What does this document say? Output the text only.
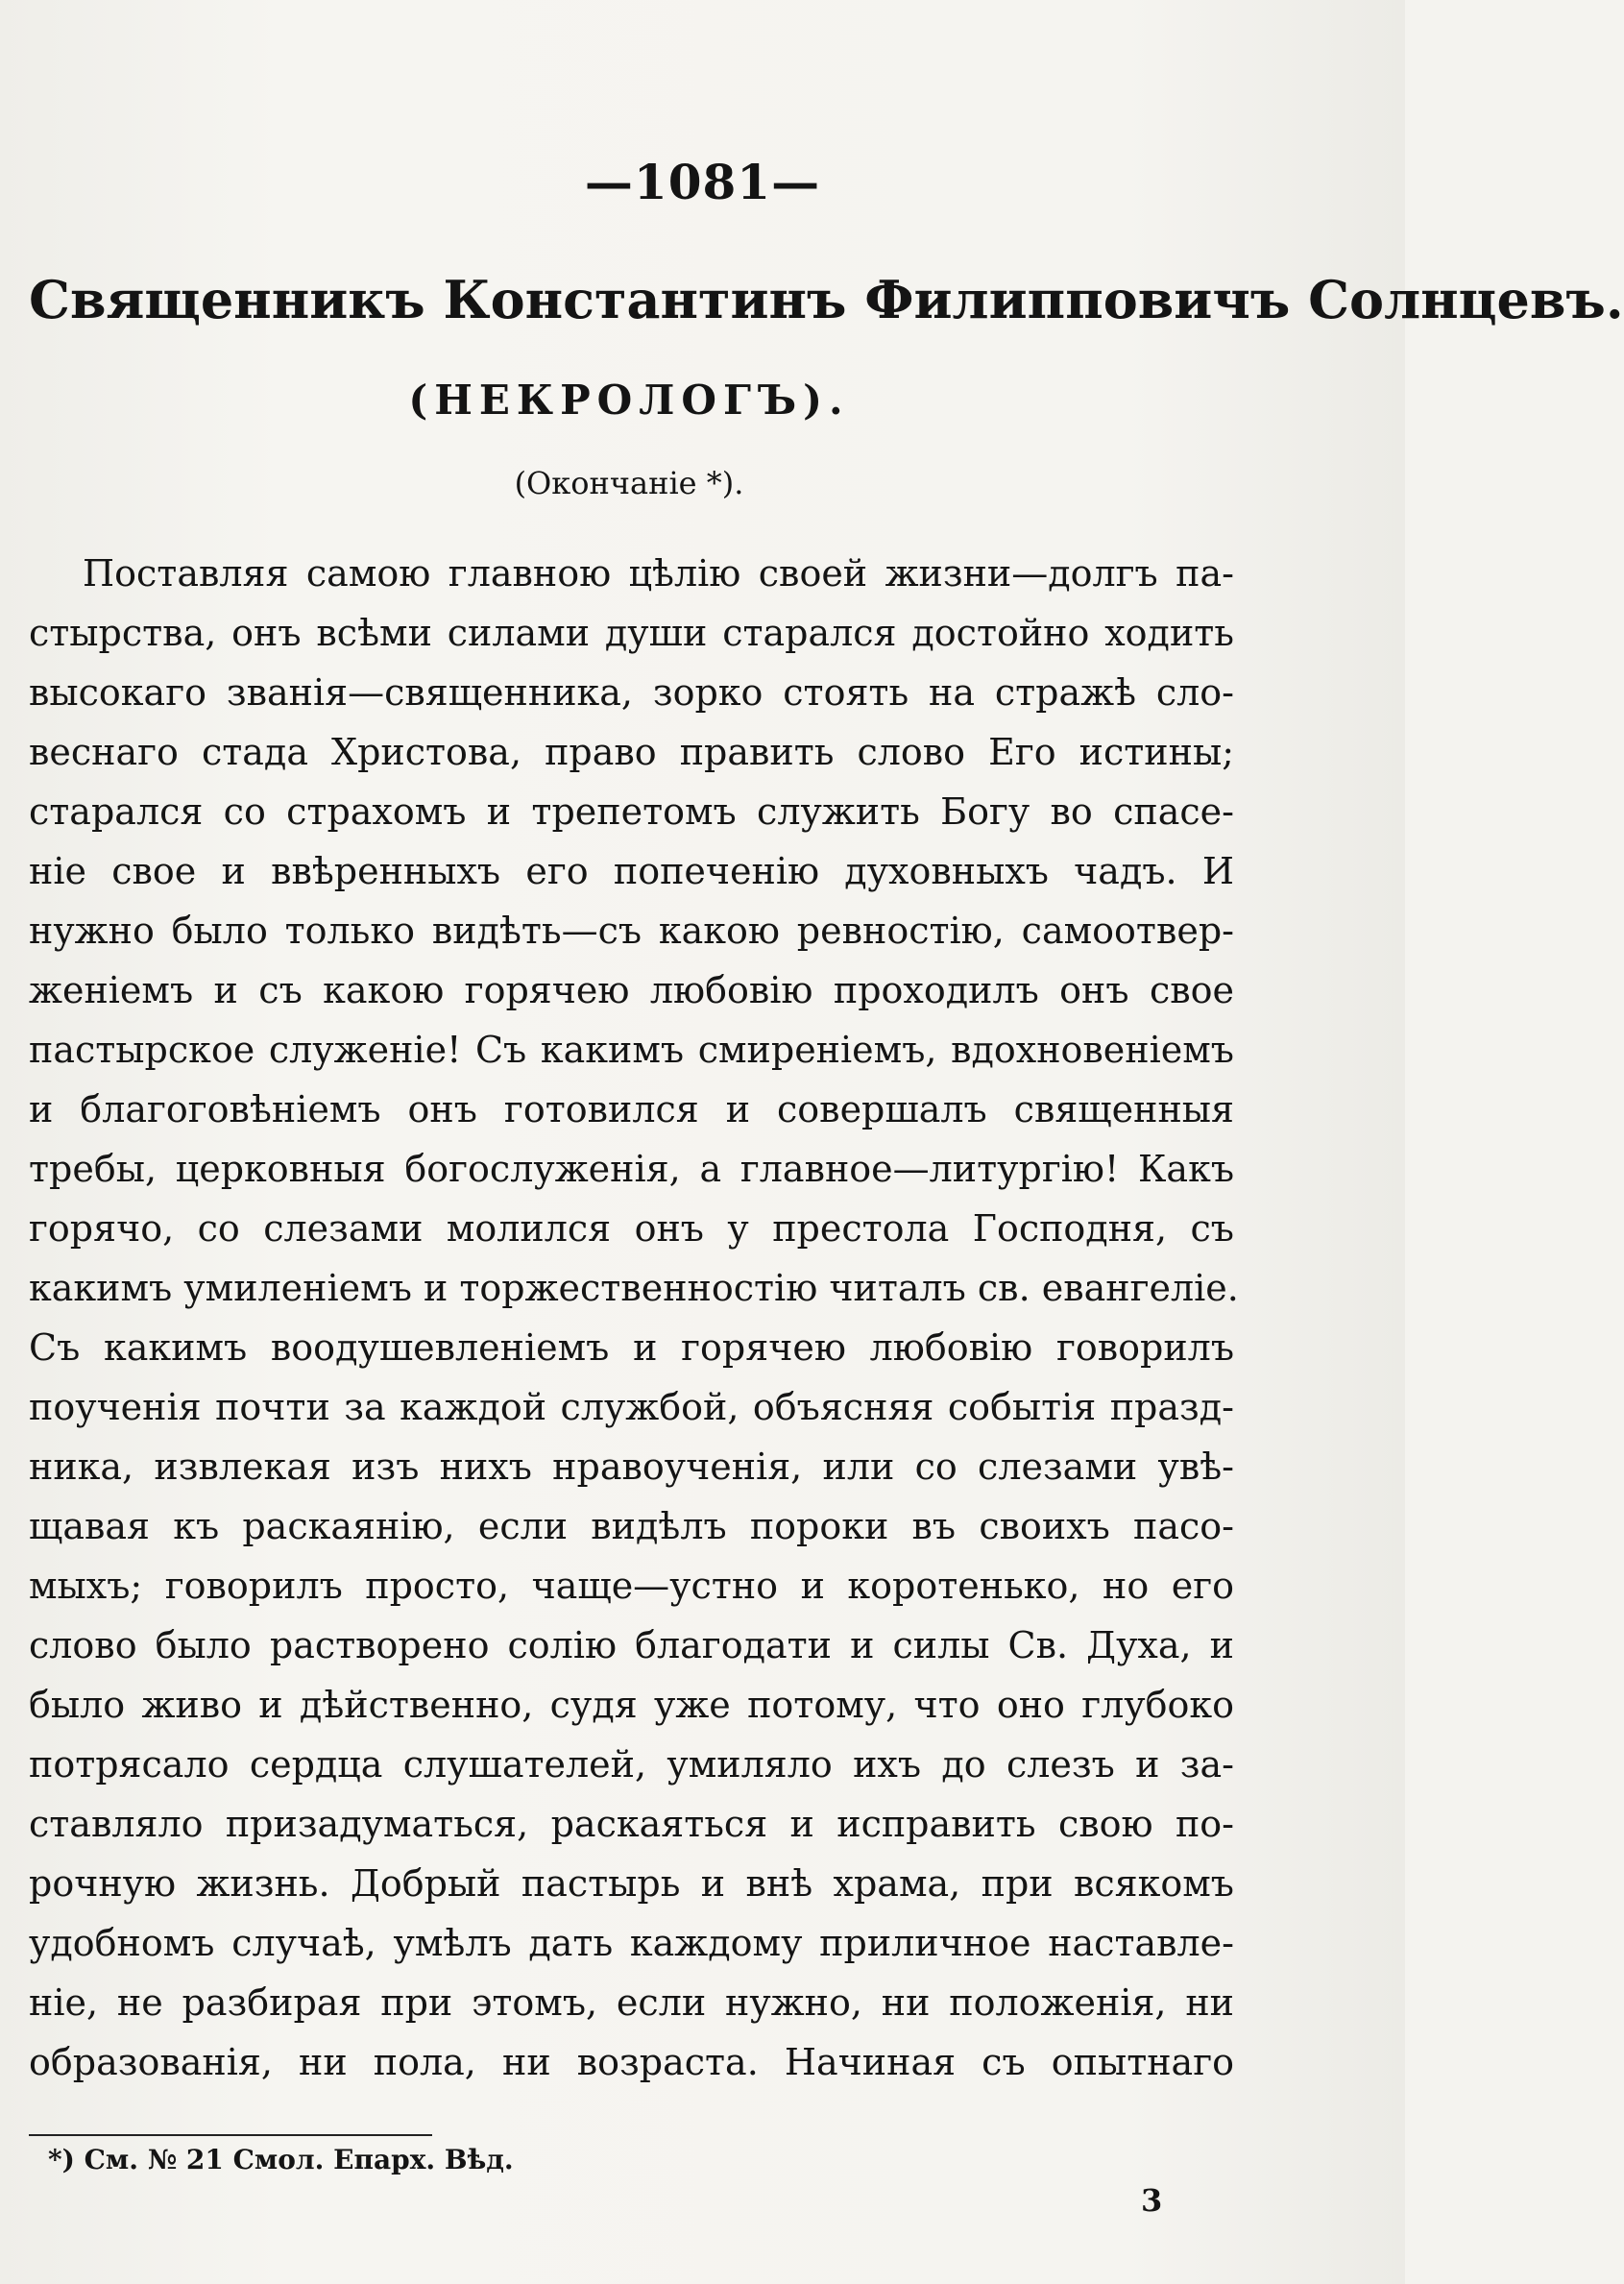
—1081—
Священникъ Константинъ Филипповичъ Солнцевъ.
(НЕКРОЛОГЪ).
(Окончаніе *).
Поставляя самою главною цѣлію своей жизни—долгъ па-
стырства, онъ всѣми силами души старался достойно ходить
высокаго званія—священника, зорко стоять на стражѣ сло-
веснаго стада Христова, право править слово Его истины;
старался со страхомъ и трепетомъ служить Богу во спасе-
ніе свое и ввѣренныхъ его попеченію духовныхъ чадъ. И
нужно было только видѣть—съ какою ревностію, самоотвер-
женіемъ и съ какою горячею любовію проходилъ онъ свое
пастырское служеніе! Съ какимъ смиреніемъ, вдохновеніемъ
и благоговѣніемъ онъ готовился и совершалъ священныя
требы, церковныя богослуженія, а главное—литургію! Какъ
горячо, со слезами молился онъ у престола Господня, съ
какимъ умиленіемъ и торжественностію читалъ св. евангеліе.
Съ какимъ воодушевленіемъ и горячею любовію говорилъ
поученія почти за каждой службой, объясняя событія празд-
ника, извлекая изъ нихъ нравоученія, или со слезами увѣ-
щавая къ раскаянію, если видѣлъ пороки въ своихъ пасо-
мыхъ; говорилъ просто, чаще—устно и коротенько, но его
слово было растворено солію благодати и силы Св. Духа, и
было живо и дѣйственно, судя уже потому, что оно глубоко
потрясало сердца слушателей, умиляло ихъ до слезъ и за-
ставляло призадуматься, раскаяться и исправить свою по-
рочную жизнь. Добрый пастырь и внѣ храма, при всякомъ
удобномъ случаѣ, умѣлъ дать каждому приличное наставле-
ніе, не разбирая при этомъ, если нужно, ни положенія, ни
образованія, ни пола, ни возраста. Начиная съ опытнаго
*) См. № 21 Смол. Епарх. Вѣд.
3
